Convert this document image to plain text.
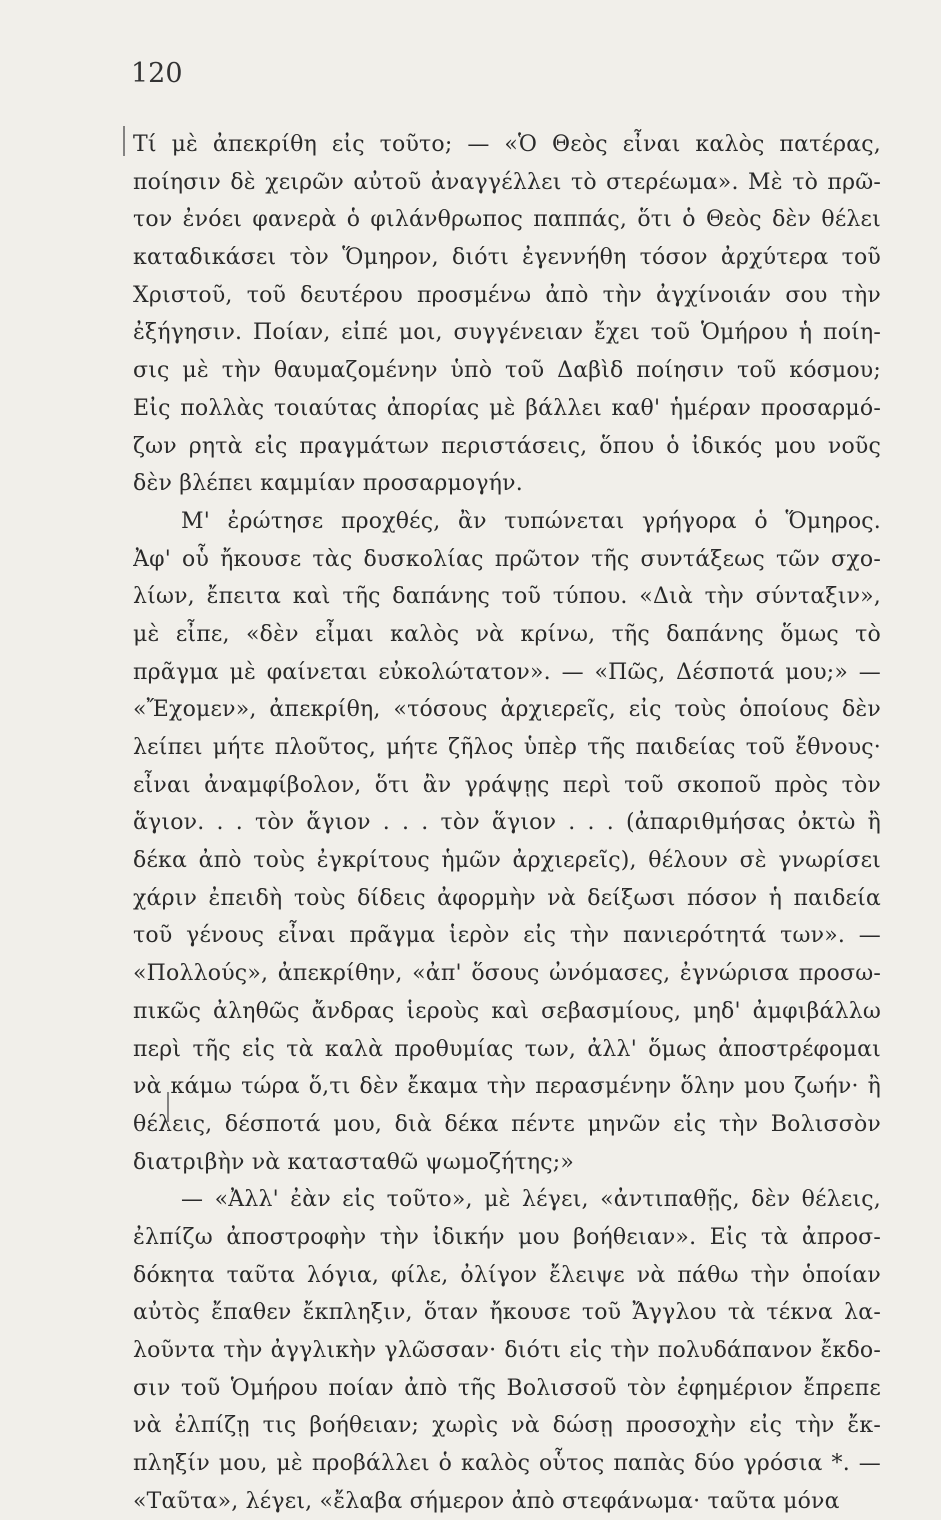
120
Τί μὲ ἀπεκρίθη εἰς τοῦτο; — «Ὁ Θεὸς εἶναι καλὸς πατέρας,
ποίησιν δὲ χειρῶν αὐτοῦ ἀναγγέλλει τὸ στερέωμα». Μὲ τὸ πρῶ-
τον ἐνόει φανερὰ ὁ φιλάνθρωπος παππάς, ὅτι ὁ Θεὸς δὲν θέλει
καταδικάσει τὸν Ὅμηρον, διότι ἐγεννήθη τόσον ἀρχύτερα τοῦ
Χριστοῦ, τοῦ δευτέρου προσμένω ἀπὸ τὴν ἀγχίνοιάν σου τὴν
ἐξήγησιν. Ποίαν, εἰπέ μοι, συγγένειαν ἔχει τοῦ Ὁμήρου ἡ ποίη-
σις μὲ τὴν θαυμαζομένην ὑπὸ τοῦ Δαβὶδ ποίησιν τοῦ κόσμου;
Εἰς πολλὰς τοιαύτας ἀπορίας μὲ βάλλει καθ' ἡμέραν προσαρμό-
ζων ρητὰ εἰς πραγμάτων περιστάσεις, ὅπου ὁ ἰδικός μου νοῦς
δὲν βλέπει καμμίαν προσαρμογήν.
Μ' ἐρώτησε προχθές, ἂν τυπώνεται γρήγορα ὁ Ὅμηρος.
Ἀφ' οὗ ἤκουσε τὰς δυσκολίας πρῶτον τῆς συντάξεως τῶν σχο-
λίων, ἔπειτα καὶ τῆς δαπάνης τοῦ τύπου. «Διὰ τὴν σύνταξιν»,
μὲ εἶπε, «δὲν εἶμαι καλὸς νὰ κρίνω, τῆς δαπάνης ὅμως τὸ
πρᾶγμα μὲ φαίνεται εὐκολώτατον». — «Πῶς, Δέσποτά μου;» —
«Ἔχομεν», ἀπεκρίθη, «τόσους ἀρχιερεῖς, εἰς τοὺς ὁποίους δὲν
λείπει μήτε πλοῦτος, μήτε ζῆλος ὑπὲρ τῆς παιδείας τοῦ ἔθνους·
εἶναι ἀναμφίβολον, ὅτι ἂν γράψῃς περὶ τοῦ σκοποῦ πρὸς τὸν
ἅγιον. . . τὸν ἅγιον . . . τὸν ἅγιον . . . (ἀπαριθμήσας ὀκτὼ ἢ
δέκα ἀπὸ τοὺς ἐγκρίτους ἡμῶν ἀρχιερεῖς), θέλουν σὲ γνωρίσει
χάριν ἐπειδὴ τοὺς δίδεις ἀφορμὴν νὰ δείξωσι πόσον ἡ παιδεία
τοῦ γένους εἶναι πρᾶγμα ἱερὸν εἰς τὴν πανιερότητά των». —
«Πολλούς», ἀπεκρίθην, «ἀπ' ὅσους ὠνόμασες, ἐγνώρισα προσω-
πικῶς ἀληθῶς ἄνδρας ἱεροὺς καὶ σεβασμίους, μηδ' ἀμφιβάλλω
περὶ τῆς εἰς τὰ καλὰ προθυμίας των, ἀλλ' ὅμως ἀποστρέφομαι
νὰ κάμω τώρα ὅ,τι δὲν ἔκαμα τὴν περασμένην ὅλην μου ζωήν· ἢ
θέλεις, δέσποτά μου, διὰ δέκα πέντε μηνῶν εἰς τὴν Βολισσὸν
διατριβὴν νὰ κατασταθῶ ψωμοζήτης;»
— «Ἀλλ' ἐὰν εἰς τοῦτο», μὲ λέγει, «ἀντιπαθῇς, δὲν θέλεις,
ἐλπίζω ἀποστροφὴν τὴν ἰδικήν μου βοήθειαν». Εἰς τὰ ἀπροσ-
δόκητα ταῦτα λόγια, φίλε, ὀλίγον ἔλειψε νὰ πάθω τὴν ὁποίαν
αὐτὸς ἔπαθεν ἔκπληξιν, ὅταν ἤκουσε τοῦ Ἄγγλου τὰ τέκνα λα-
λοῦντα τὴν ἀγγλικὴν γλῶσσαν· διότι εἰς τὴν πολυδάπανον ἔκδο-
σιν τοῦ Ὁμήρου ποίαν ἀπὸ τῆς Βολισσοῦ τὸν ἐφημέριον ἔπρεπε
νὰ ἐλπίζῃ τις βοήθειαν; χωρὶς νὰ δώσῃ προσοχὴν εἰς τὴν ἔκ-
πληξίν μου, μὲ προβάλλει ὁ καλὸς οὗτος παπὰς δύο γρόσια *. —
«Ταῦτα», λέγει, «ἔλαβα σήμερον ἀπὸ στεφάνωμα· ταῦτα μόνα
